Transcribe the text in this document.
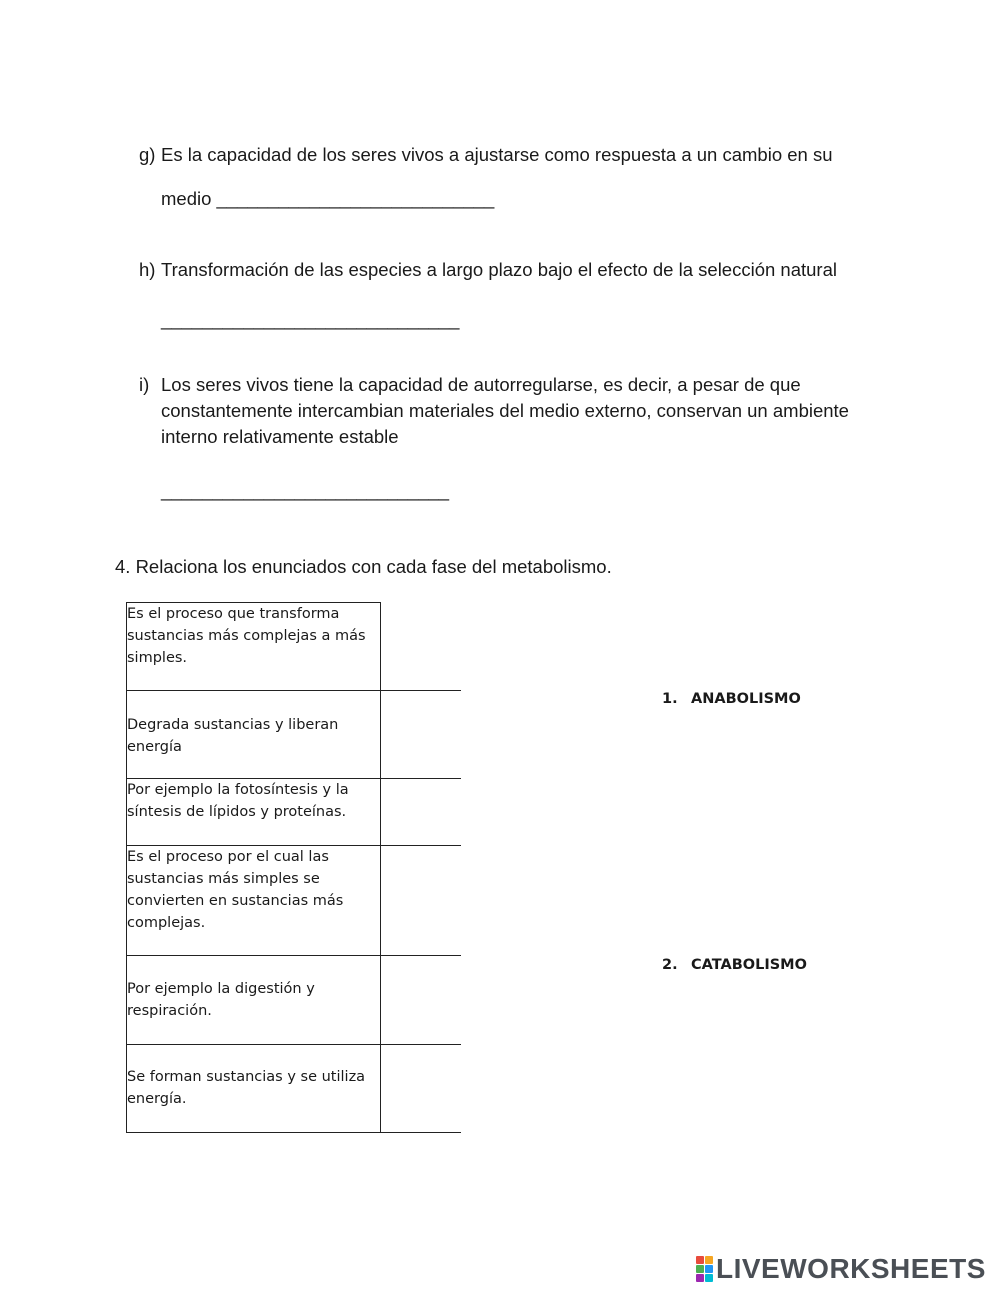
g) Es la capacidad de los seres vivos a ajustarse como respuesta a un cambio en su
medio ___________________________
h) Transformación de las especies a largo plazo bajo el efecto de la selección natural
_____________________________
i) Los seres vivos tiene la capacidad de autorregularse, es decir, a pesar de que
constantemente intercambian materiales del medio externo, conservan un ambiente
interno relativamente estable
____________________________
4. Relaciona los enunciados con cada fase del metabolismo.
Es el proceso que transforma sustancias más complejas a más simples.	
Degrada sustancias y liberan energía	
Por ejemplo la fotosíntesis y la síntesis de lípidos y proteínas.	
Es el proceso por el cual las sustancias más simples se convierten en sustancias más complejas.	
Por ejemplo la digestión y respiración.	
Se forman sustancias y se utiliza energía.	
1. ANABOLISMO
2. CATABOLISMO
LIVEWORKSHEETS
